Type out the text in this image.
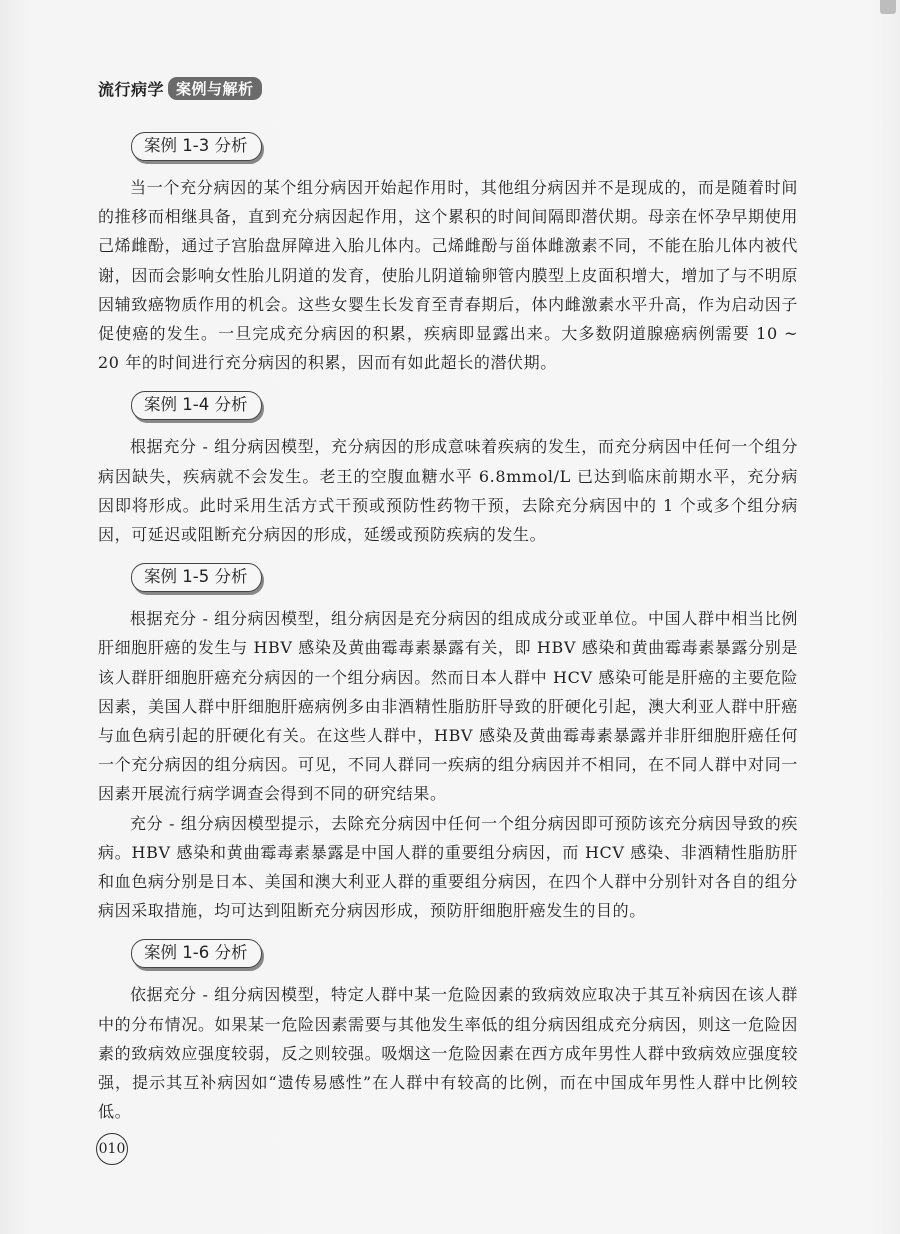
流行病学 案例与解析
案例 1-3 分析

当一个充分病因的某个组分病因开始起作用时，其他组分病因并不是现成的，而是随着时间的推移而相继具备，直到充分病因起作用，这个累积的时间间隔即潜伏期。母亲在怀孕早期使用己烯雌酚，通过子宫胎盘屏障进入胎儿体内。己烯雌酚与甾体雌激素不同，不能在胎儿体内被代谢，因而会影响女性胎儿阴道的发育，使胎儿阴道输卵管内膜型上皮面积增大，增加了与不明原因辅致癌物质作用的机会。这些女婴生长发育至青春期后，体内雌激素水平升高，作为启动因子促使癌的发生。一旦完成充分病因的积累，疾病即显露出来。大多数阴道腺癌病例需要 10 ~ 20 年的时间进行充分病因的积累，因而有如此超长的潜伏期。

案例 1-4 分析

根据充分 - 组分病因模型，充分病因的形成意味着疾病的发生，而充分病因中任何一个组分病因缺失，疾病就不会发生。老王的空腹血糖水平 6.8mmol/L 已达到临床前期水平，充分病因即将形成。此时采用生活方式干预或预防性药物干预，去除充分病因中的 1 个或多个组分病因，可延迟或阻断充分病因的形成，延缓或预防疾病的发生。

案例 1-5 分析

根据充分 - 组分病因模型，组分病因是充分病因的组成成分或亚单位。中国人群中相当比例肝细胞肝癌的发生与 HBV 感染及黄曲霉毒素暴露有关，即 HBV 感染和黄曲霉毒素暴露分别是该人群肝细胞肝癌充分病因的一个组分病因。然而日本人群中 HCV 感染可能是肝癌的主要危险因素，美国人群中肝细胞肝癌病例多由非酒精性脂肪肝导致的肝硬化引起，澳大利亚人群中肝癌与血色病引起的肝硬化有关。在这些人群中，HBV 感染及黄曲霉毒素暴露并非肝细胞肝癌任何一个充分病因的组分病因。可见，不同人群同一疾病的组分病因并不相同，在不同人群中对同一因素开展流行病学调查会得到不同的研究结果。

充分 - 组分病因模型提示，去除充分病因中任何一个组分病因即可预防该充分病因导致的疾病。HBV 感染和黄曲霉毒素暴露是中国人群的重要组分病因，而 HCV 感染、非酒精性脂肪肝和血色病分别是日本、美国和澳大利亚人群的重要组分病因，在四个人群中分别针对各自的组分病因采取措施，均可达到阻断充分病因形成，预防肝细胞肝癌发生的目的。

案例 1-6 分析

依据充分 - 组分病因模型，特定人群中某一危险因素的致病效应取决于其互补病因在该人群中的分布情况。如果某一危险因素需要与其他发生率低的组分病因组成充分病因，则这一危险因素的致病效应强度较弱，反之则较强。吸烟这一危险因素在西方成年男性人群中致病效应强度较强，提示其互补病因如“遗传易感性”在人群中有较高的比例，而在中国成年男性人群中比例较低。

010
